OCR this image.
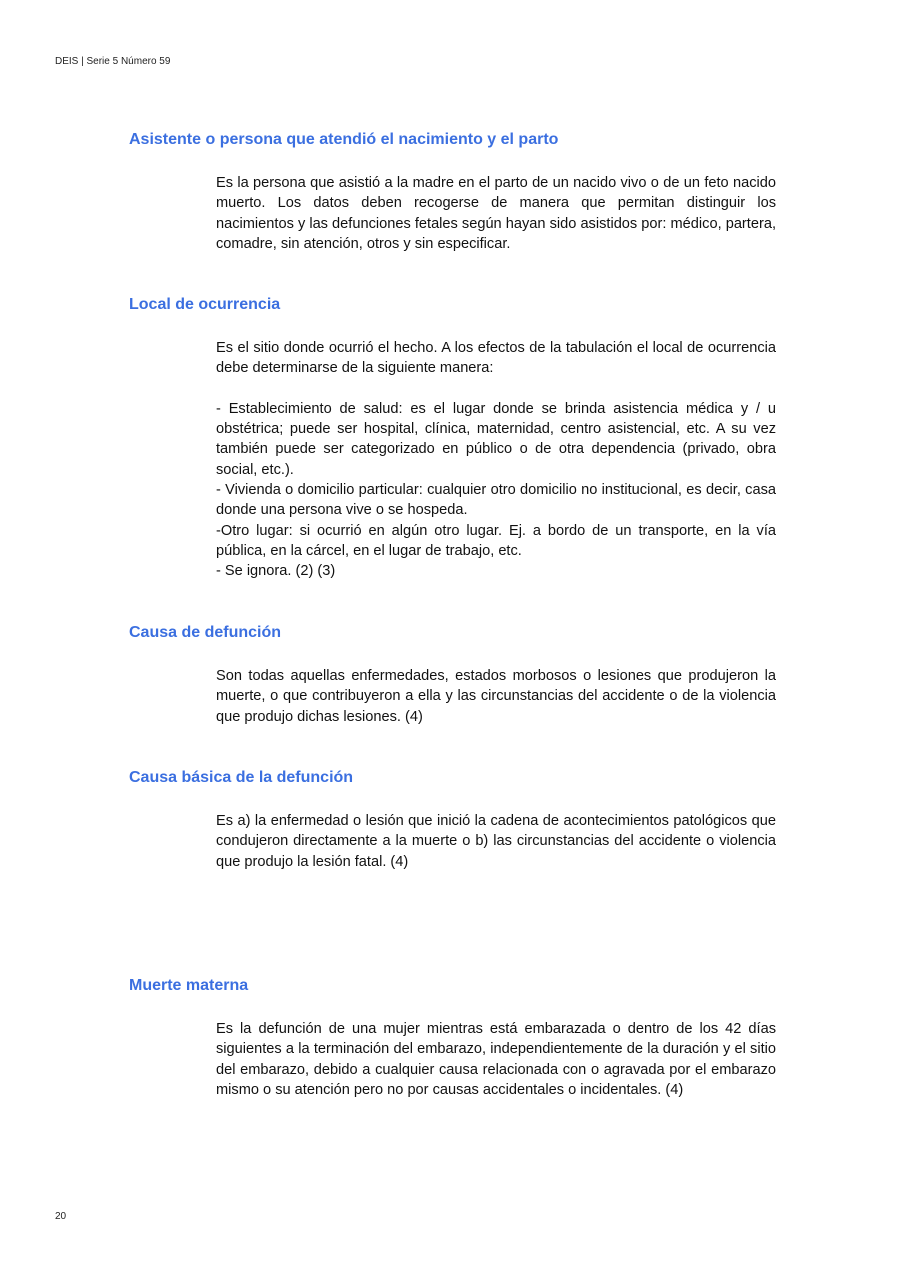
DEIS | Serie 5 Número 59
Asistente o persona que atendió el nacimiento y el parto

Es la persona que asistió a la madre en el parto de un nacido vivo o de un feto nacido muerto. Los datos deben recogerse de manera que permitan distinguir los nacimientos y las defunciones fetales según hayan sido asistidos por: médico, partera, comadre, sin atención, otros y sin especificar.

Local de ocurrencia

Es el sitio donde ocurrió el hecho. A los efectos de la tabulación el local de ocurrencia debe determinarse de la siguiente manera:

- Establecimiento de salud: es el lugar donde se brinda asistencia médica y / u obstétrica; puede ser hospital, clínica, maternidad, centro asistencial, etc. A su vez también puede ser categorizado en público o de otra dependencia (privado, obra social, etc.).

- Vivienda o domicilio particular: cualquier otro domicilio no institucional, es decir, casa donde una persona vive o se hospeda.

-Otro lugar: si ocurrió en algún otro lugar. Ej. a bordo de un transporte, en la vía pública, en la cárcel, en el lugar de trabajo, etc.

- Se ignora. (2) (3)

Causa de defunción

Son todas aquellas enfermedades, estados morbosos o lesiones que produjeron la muerte, o que contribuyeron a ella y las circunstancias del accidente o de la violencia que produjo dichas lesiones. (4)

Causa básica de la defunción

Es a) la enfermedad o lesión que inició la cadena de acontecimientos patológicos que condujeron directamente a la muerte o b) las circunstancias del accidente o violencia que produjo la lesión fatal. (4)

Muerte materna

Es la defunción de una mujer mientras está embarazada o dentro de los 42 días siguientes a la terminación del embarazo, independientemente de la duración y el sitio del embarazo, debido a cualquier causa relacionada con o agravada por el embarazo mismo o su atención pero no por causas accidentales o incidentales. (4)

20
